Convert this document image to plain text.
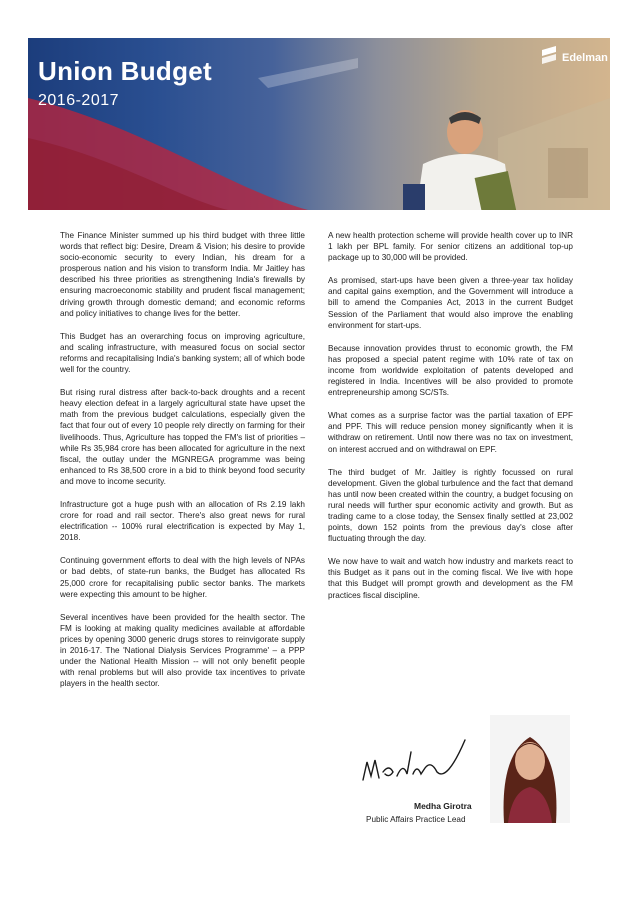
Union Budget
2016-2017
Edelman

The Finance Minister summed up his third budget with three little words that reflect big: Desire, Dream & Vision; his desire to provide socio-economic security to every Indian, his dream for a prosperous nation and his vision to transform India. Mr Jaitley has described his three priorities as strengthening India's firewalls by ensuring macroeconomic stability and prudent fiscal management; driving growth through domestic demand; and economic reforms and policy initiatives to change lives for the better.

This Budget has an overarching focus on improving agriculture, and scaling infrastructure, with measured focus on social sector reforms and recapitalising India's banking system; all of which bode well for the country.

But rising rural distress after back-to-back droughts and a recent heavy election defeat in a largely agricultural state have upset the math from the previous budget calculations, especially given the fact that four out of every 10 people rely directly on farming for their livelihoods. Thus, Agriculture has topped the FM's list of priorities – while Rs 35,984 crore has been allocated for agriculture in the next fiscal, the outlay under the MGNREGA programme was being enhanced to Rs 38,500 crore in a bid to think beyond food security and move to income security.

Infrastructure got a huge push with an allocation of Rs 2.19 lakh crore for road and rail sector. There's also great news for rural electrification -- 100% rural electrification is expected by May 1, 2018.

Continuing government efforts to deal with the high levels of NPAs or bad debts, of state-run banks, the Budget has allocated Rs 25,000 crore for recapitalising public sector banks. The markets were expecting this amount to be higher.

Several incentives have been provided for the health sector. The FM is looking at making quality medicines available at affordable prices by opening 3000 generic drugs stores to reinvigorate supply in 2016-17. The 'National Dialysis Services Programme' – a PPP under the National Health Mission -- will not only benefit people with renal problems but will also provide tax incentives to private players in the health sector.

A new health protection scheme will provide health cover up to INR 1 lakh per BPL family. For senior citizens an additional top-up package up to 30,000 will be provided.

As promised, start-ups have been given a three-year tax holiday and capital gains exemption, and the Government will introduce a bill to amend the Companies Act, 2013 in the current Budget Session of the Parliament that would also improve the enabling environment for start-ups.

Because innovation provides thrust to economic growth, the FM has proposed a special patent regime with 10% rate of tax on income from worldwide exploitation of patents developed and registered in India. Incentives will be also provided to promote entrepreneurship among SC/STs.

What comes as a surprise factor was the partial taxation of EPF and PPF. This will reduce pension money significantly when it is withdraw on retirement. Until now there was no tax on investment, on interest accrued and on withdrawal on EPF.

The third budget of Mr. Jaitley is rightly focussed on rural development. Given the global turbulence and the fact that demand has until now been created within the country, a budget focusing on rural needs will further spur economic activity and growth. But as trading came to a close today, the Sensex finally settled at 23,002 points, down 152 points from the previous day's close after fluctuating through the day.

We now have to wait and watch how industry and markets react to this Budget as it pans out in the coming fiscal. We live with hope that this Budget will prompt growth and development as the FM practices fiscal discipline.

Medha Girotra
Public Affairs Practice Lead
